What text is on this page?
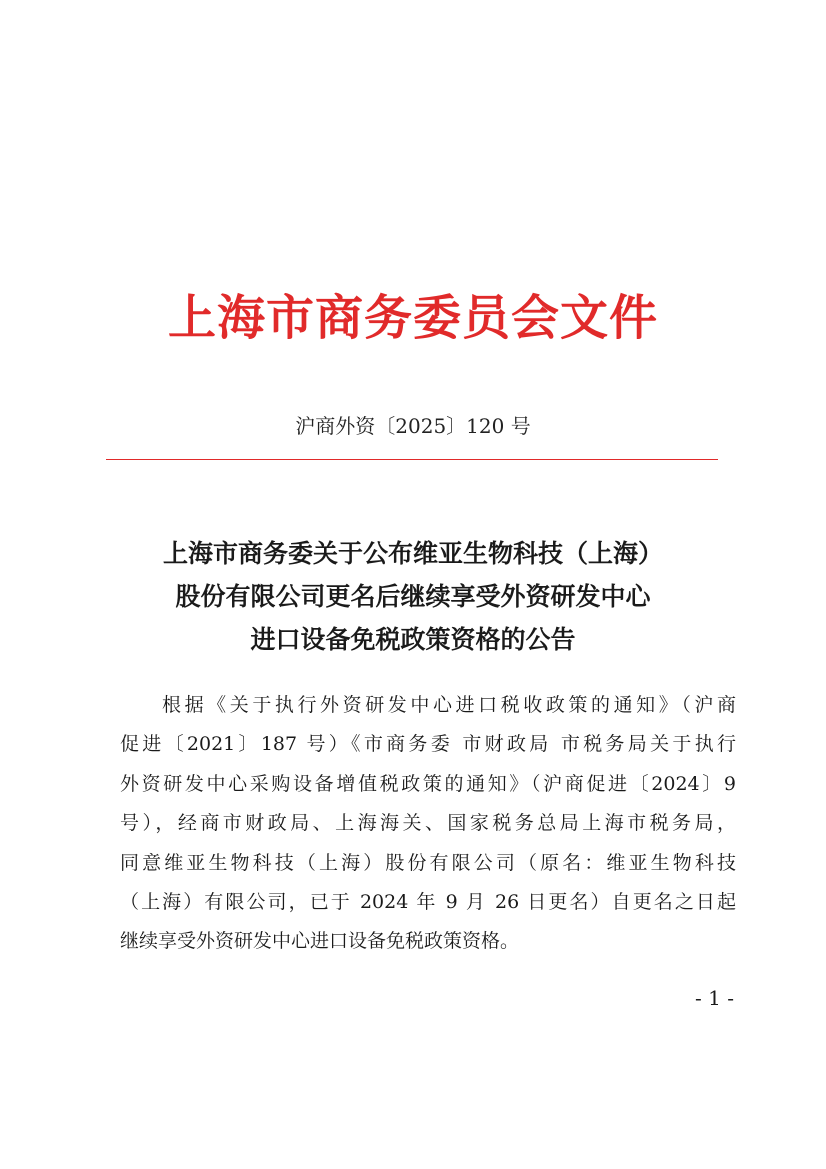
上海市商务委员会文件
沪商外资〔2025〕120 号
上海市商务委关于公布维亚生物科技（上海）
股份有限公司更名后继续享受外资研发中心
进口设备免税政策资格的公告
根据《关于执行外资研发中心进口税收政策的通知》（沪商
促进〔2021〕187 号）《市商务委 市财政局 市税务局关于执行
外资研发中心采购设备增值税政策的通知》（沪商促进〔2024〕9
号），经商市财政局、上海海关、国家税务总局上海市税务局，
同意维亚生物科技（上海）股份有限公司（原名：维亚生物科技
（上海）有限公司，已于 2024 年 9 月 26 日更名）自更名之日起
继续享受外资研发中心进口设备免税政策资格。
- 1 -
